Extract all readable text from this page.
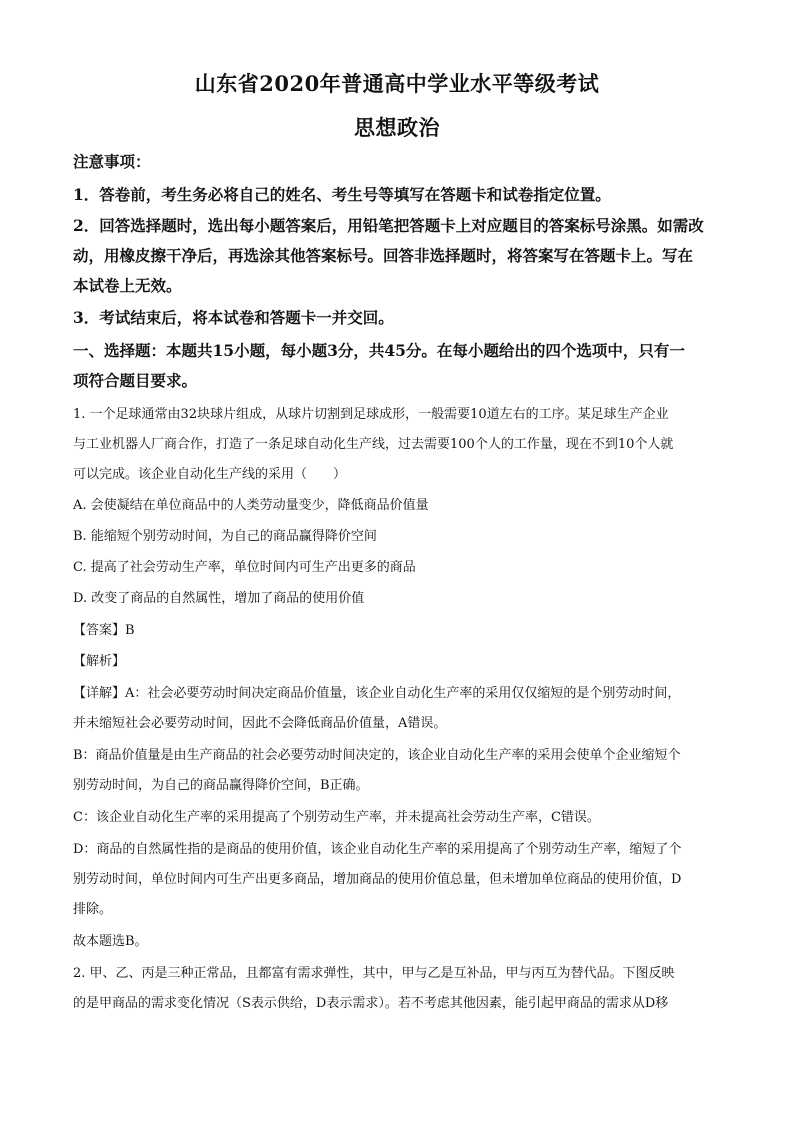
山东省2020年普通高中学业水平等级考试
思想政治
注意事项：
1．答卷前，考生务必将自己的姓名、考生号等填写在答题卡和试卷指定位置。
2．回答选择题时，选出每小题答案后，用铅笔把答题卡上对应题目的答案标号涂黑。如需改
动，用橡皮擦干净后，再选涂其他答案标号。回答非选择题时，将答案写在答题卡上。写在
本试卷上无效。
3．考试结束后，将本试卷和答题卡一并交回。
一、选择题：本题共15小题，每小题3分，共45分。在每小题给出的四个选项中，只有一
项符合题目要求。
1. 一个足球通常由32块球片组成，从球片切割到足球成形，一般需要10道左右的工序。某足球生产企业
与工业机器人厂商合作，打造了一条足球自动化生产线，过去需要100个人的工作量，现在不到10个人就
可以完成。该企业自动化生产线的采用（　　）
A. 会使凝结在单位商品中的人类劳动量变少，降低商品价值量
B. 能缩短个别劳动时间，为自己的商品赢得降价空间
C. 提高了社会劳动生产率，单位时间内可生产出更多的商品
D. 改变了商品的自然属性，增加了商品的使用价值
【答案】B
【解析】
【详解】A：社会必要劳动时间决定商品价值量，该企业自动化生产率的采用仅仅缩短的是个别劳动时间，
并未缩短社会必要劳动时间，因此不会降低商品价值量，A错误。
B：商品价值量是由生产商品的社会必要劳动时间决定的，该企业自动化生产率的采用会使单个企业缩短个
别劳动时间，为自己的商品赢得降价空间，B正确。
C：该企业自动化生产率的采用提高了个别劳动生产率，并未提高社会劳动生产率，C错误。
D：商品的自然属性指的是商品的使用价值，该企业自动化生产率的采用提高了个别劳动生产率，缩短了个
别劳动时间，单位时间内可生产出更多商品，增加商品的使用价值总量，但未增加单位商品的使用价值，D
排除。
故本题选B。
2. 甲、乙、丙是三种正常品，且都富有需求弹性，其中，甲与乙是互补品，甲与丙互为替代品。下图反映
的是甲商品的需求变化情况（S表示供给，D表示需求）。若不考虑其他因素，能引起甲商品的需求从D移
